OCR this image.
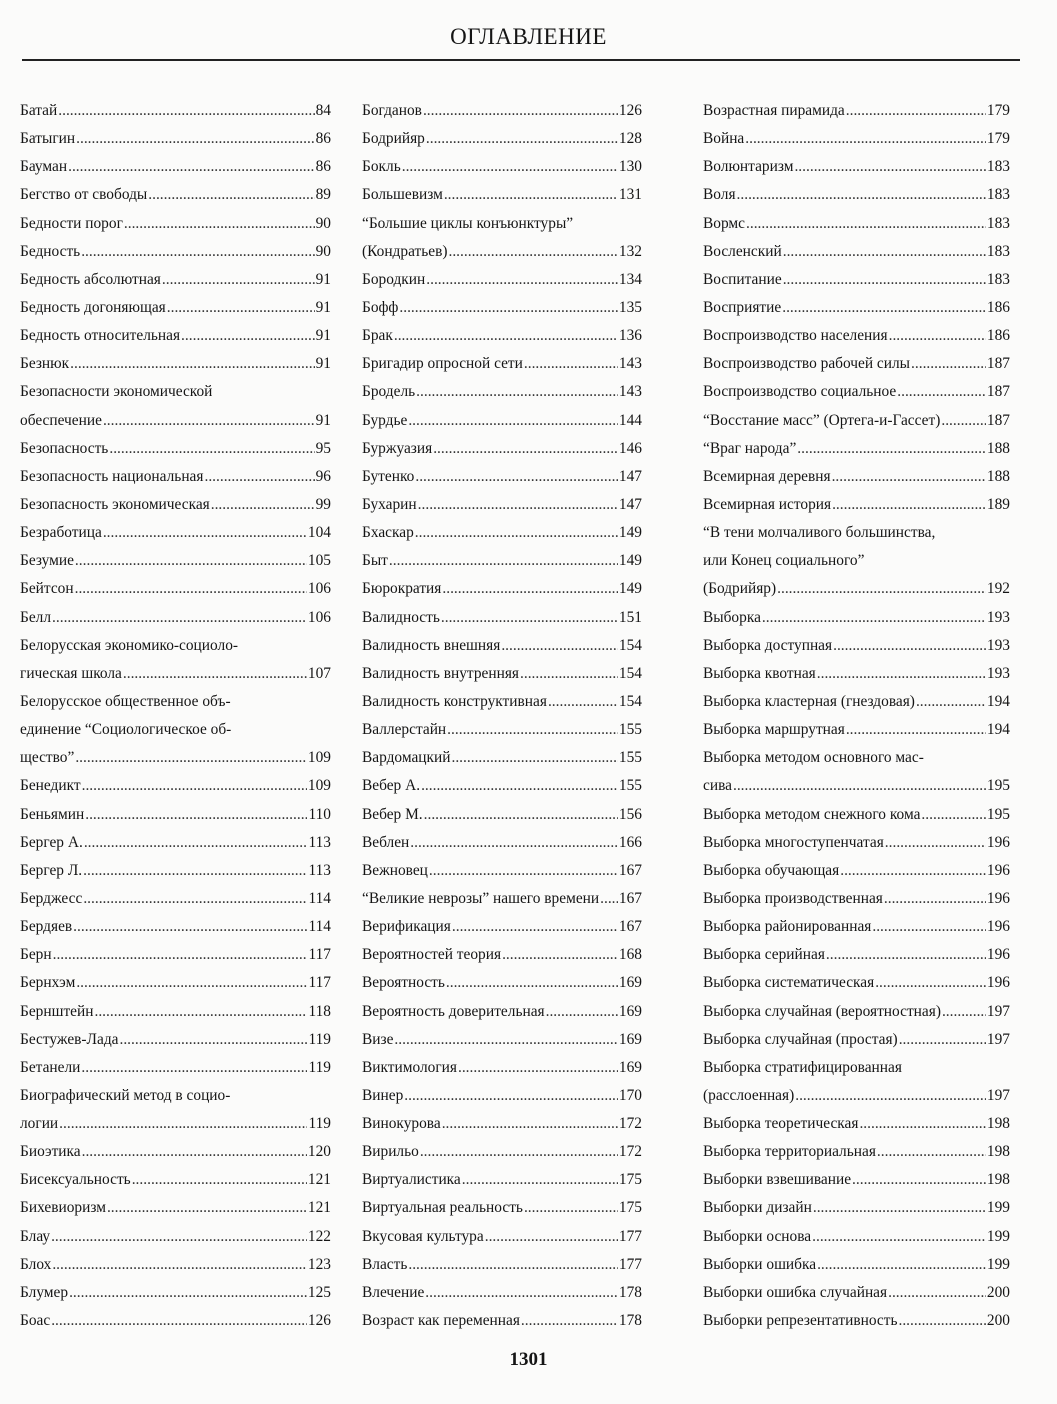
ОГЛАВЛЕНИЕ
Батай .....	84
Батыгин .....	86
Бауман .....	86
Бегство от свободы .....	89
Бедности порог .....	90
Бедность .....	90
Бедность абсолютная .....	91
Бедность догоняющая .....	91
Бедность относительная .....	91
Безнюк .....	91
Безопасности экономической
обеспечение .....	91
Безопасность .....	95
Безопасность национальная .....	96
Безопасность экономическая .....	99
Безработица .....	104
Безумие .....	105
Бейтсон .....	106
Белл .....	106
Белорусская экономико-социоло-
гическая школа .....	107
Белорусское общественное объ-
единение “Социологическое об-
щество” .....	109
Бенедикт .....	109
Беньямин .....	110
Бергер А. .....	113
Бергер Л. .....	113
Берджесс .....	114
Бердяев .....	114
Берн .....	117
Бернхэм .....	117
Бернштейн .....	118
Бестужев-Лада .....	119
Бетанели .....	119
Биографический метод в социо-
логии .....	119
Биоэтика .....	120
Бисексуальность .....	121
Бихевиоризм .....	121
Блау .....	122
Блох .....	123
Блумер .....	125
Боас .....	126
Богданов .....	126
Бодрийяр .....	128
Бокль .....	130
Большевизм .....	131
“Большие циклы конъюнктуры”
(Кондратьев) .....	132
Бородкин .....	134
Бофф .....	135
Брак .....	136
Бригадир опросной сети .....	143
Бродель .....	143
Бурдье .....	144
Буржуазия .....	146
Бутенко .....	147
Бухарин .....	147
Бхаскар .....	149
Быт .....	149
Бюрократия .....	149
Валидность .....	151
Валидность внешняя .....	154
Валидность внутренняя .....	154
Валидность конструктивная .....	154
Валлерстайн .....	155
Вардомацкий .....	155
Вебер А. .....	155
Вебер М. .....	156
Веблен .....	166
Вежновец .....	167
“Великие неврозы” нашего времени ..... 167
Верификация .....	167
Вероятностей теория .....	168
Вероятность .....	169
Вероятность доверительная .....	169
Визе .....	169
Виктимология .....	169
Винер .....	170
Винокурова .....	172
Вирильо .....	172
Виртуалистика .....	175
Виртуальная реальность .....	175
Вкусовая культура .....	177
Власть .....	177
Влечение .....	178
Возраст как переменная .....	178
Возрастная пирамида .....	179
Война .....	179
Волюнтаризм .....	183
Воля .....	183
Вормс .....	183
Восленский .....	183
Воспитание .....	183
Восприятие .....	186
Воспроизводство населения .....	186
Воспроизводство рабочей силы .....	187
Воспроизводство социальное .....	187
“Восстание масс” (Ортега-и-Гассет) .....	187
“Враг народа” .....	188
Всемирная деревня .....	188
Всемирная история .....	189
“В тени молчаливого большинства,
или Конец социального”
(Бодрийяр) .....	192
Выборка .....	193
Выборка доступная .....	193
Выборка квотная .....	193
Выборка кластерная (гнездовая) .....	194
Выборка маршрутная .....	194
Выборка методом основного мас-
сива .....	195
Выборка методом снежного кома .....	195
Выборка многоступенчатая .....	196
Выборка обучающая .....	196
Выборка производственная .....	196
Выборка районированная .....	196
Выборка серийная .....	196
Выборка систематическая .....	196
Выборка случайная (вероятностная) .....	197
Выборка случайная (простая) .....	197
Выборка стратифицированная
(расслоенная) .....	197
Выборка теоретическая .....	198
Выборка территориальная .....	198
Выборки взвешивание .....	198
Выборки дизайн .....	199
Выборки основа .....	199
Выборки ошибка .....	199
Выборки ошибка случайная .....	200
Выборки репрезентативность .....	200
1301
